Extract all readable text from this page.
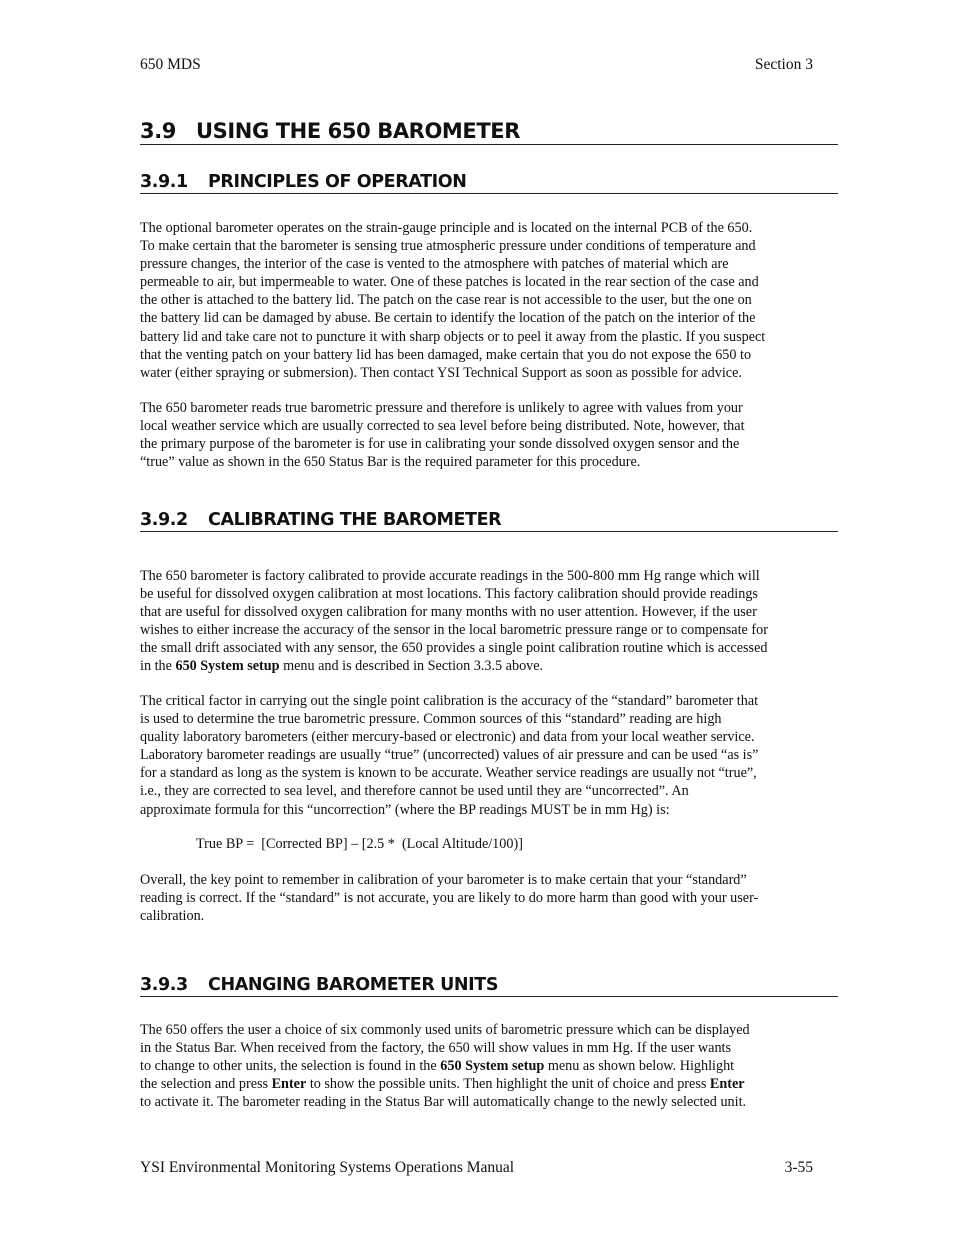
650 MDS	Section 3
3.9 USING THE 650 BAROMETER
3.9.1 PRINCIPLES OF OPERATION
The optional barometer operates on the strain-gauge principle and is located on the internal PCB of the 650.
To make certain that the barometer is sensing true atmospheric pressure under conditions of temperature and
pressure changes, the interior of the case is vented to the atmosphere with patches of material which are
permeable to air, but impermeable to water. One of these patches is located in the rear section of the case and
the other is attached to the battery lid. The patch on the case rear is not accessible to the user, but the one on
the battery lid can be damaged by abuse. Be certain to identify the location of the patch on the interior of the
battery lid and take care not to puncture it with sharp objects or to peel it away from the plastic. If you suspect
that the venting patch on your battery lid has been damaged, make certain that you do not expose the 650 to
water (either spraying or submersion). Then contact YSI Technical Support as soon as possible for advice.
The 650 barometer reads true barometric pressure and therefore is unlikely to agree with values from your
local weather service which are usually corrected to sea level before being distributed. Note, however, that
the primary purpose of the barometer is for use in calibrating your sonde dissolved oxygen sensor and the
“true” value as shown in the 650 Status Bar is the required parameter for this procedure.
3.9.2 CALIBRATING THE BAROMETER
The 650 barometer is factory calibrated to provide accurate readings in the 500-800 mm Hg range which will
be useful for dissolved oxygen calibration at most locations. This factory calibration should provide readings
that are useful for dissolved oxygen calibration for many months with no user attention. However, if the user
wishes to either increase the accuracy of the sensor in the local barometric pressure range or to compensate for
the small drift associated with any sensor, the 650 provides a single point calibration routine which is accessed
in the 650 System setup menu and is described in Section 3.3.5 above.
The critical factor in carrying out the single point calibration is the accuracy of the “standard” barometer that
is used to determine the true barometric pressure. Common sources of this “standard” reading are high
quality laboratory barometers (either mercury-based or electronic) and data from your local weather service.
Laboratory barometer readings are usually “true” (uncorrected) values of air pressure and can be used “as is”
for a standard as long as the system is known to be accurate. Weather service readings are usually not “true”,
i.e., they are corrected to sea level, and therefore cannot be used until they are “uncorrected”. An
approximate formula for this “uncorrection” (where the BP readings MUST be in mm Hg) is:
True BP =  [Corrected BP] – [2.5 *  (Local Altitude/100)]
Overall, the key point to remember in calibration of your barometer is to make certain that your “standard”
reading is correct. If the “standard” is not accurate, you are likely to do more harm than good with your user-
calibration.
3.9.3 CHANGING BAROMETER UNITS
The 650 offers the user a choice of six commonly used units of barometric pressure which can be displayed
in the Status Bar. When received from the factory, the 650 will show values in mm Hg. If the user wants
to change to other units, the selection is found in the 650 System setup menu as shown below. Highlight
the selection and press Enter to show the possible units. Then highlight the unit of choice and press Enter
to activate it. The barometer reading in the Status Bar will automatically change to the newly selected unit.
YSI Environmental Monitoring Systems Operations Manual	3-55
